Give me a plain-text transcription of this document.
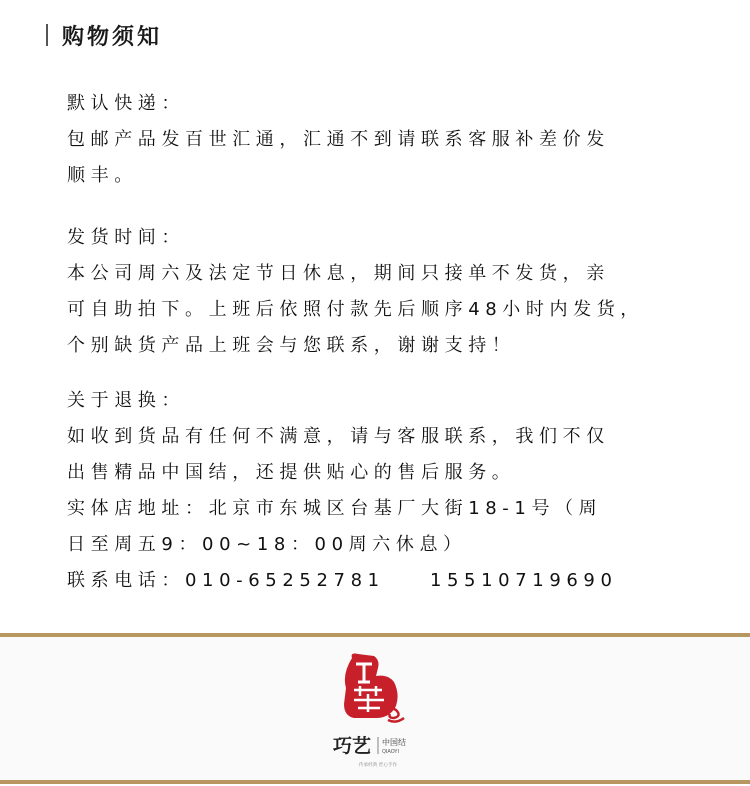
购物须知
默认快递：
包邮产品发百世汇通，汇通不到请联系客服补差价发
顺丰。
发货时间：
本公司周六及法定节日休息，期间只接单不发货，亲
可自助拍下。上班后依照付款先后顺序48小时内发货，
个别缺货产品上班会与您联系，谢谢支持！
关于退换：
如收到货品有任何不满意，请与客服联系，我们不仅
出售精品中国结，还提供贴心的售后服务。
实体店地址：北京市东城区台基厂大街18-1号（周
日至周五9：00~18：00周六休息）
联系电话：010-65252781    15510719690
巧艺 中国结
QIAOYI
传承经典 匠心手作
